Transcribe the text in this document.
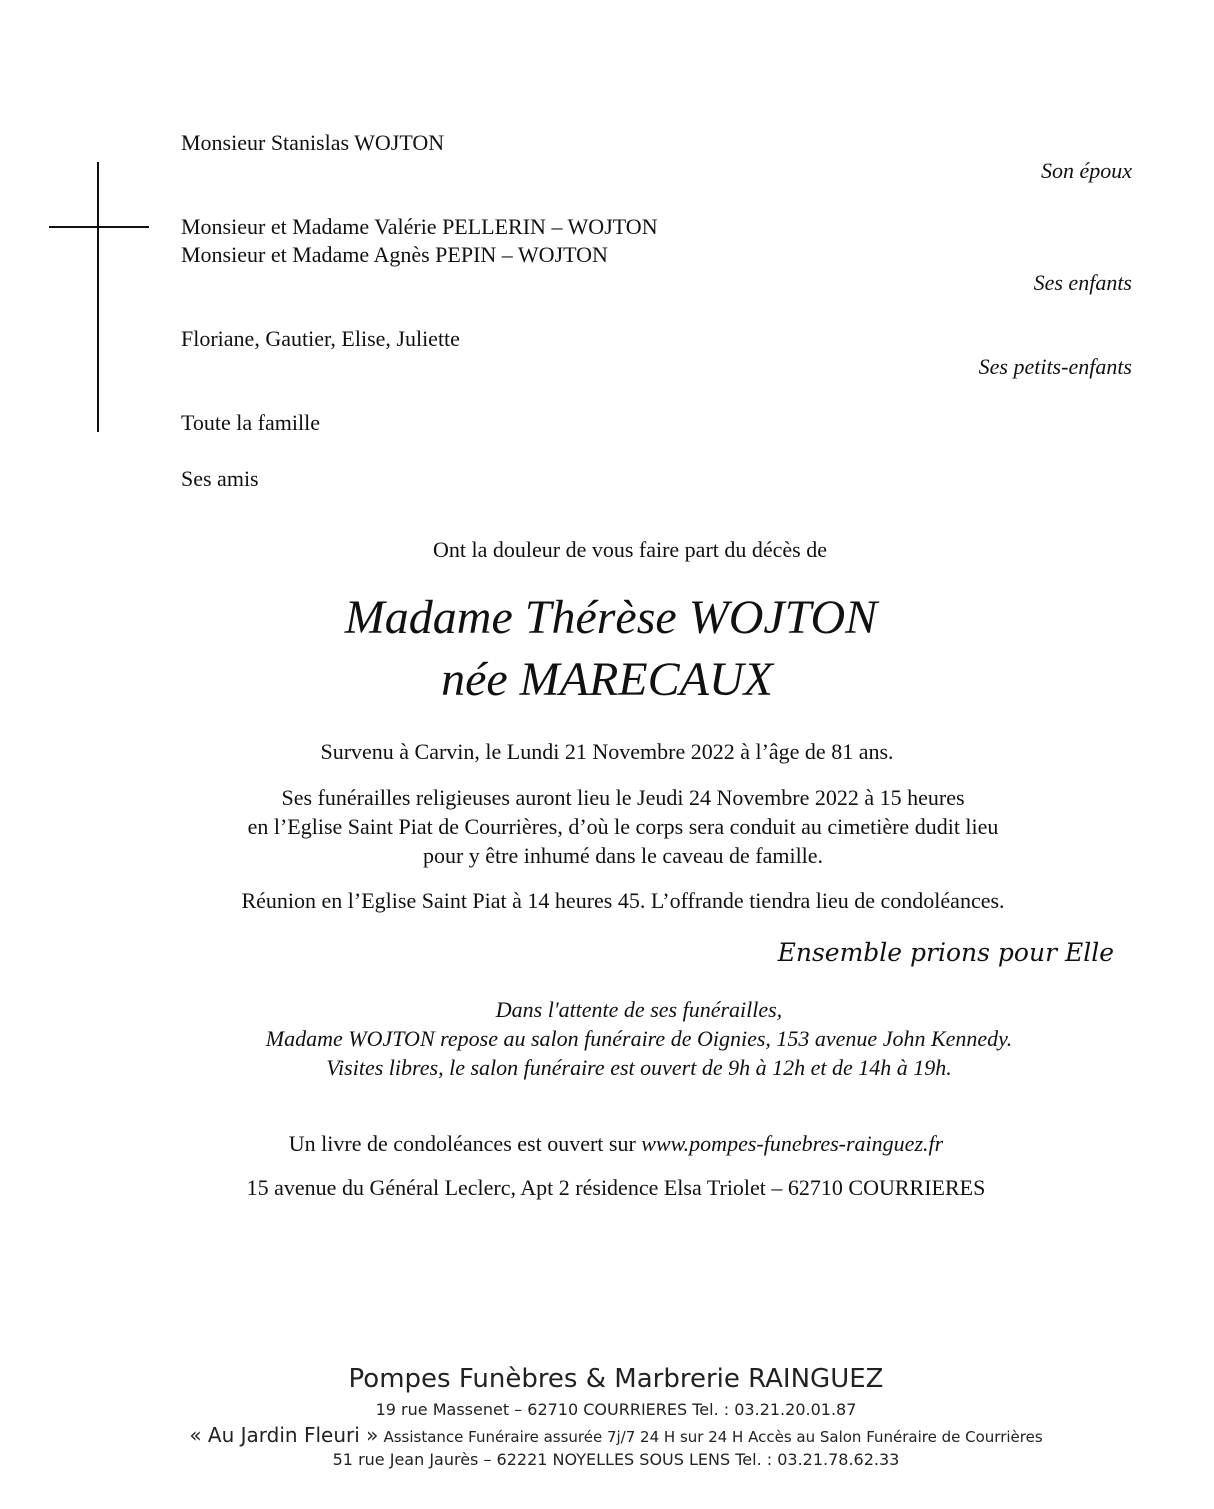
Monsieur Stanislas WOJTON
Son époux
Monsieur et Madame Valérie PELLERIN – WOJTON
Monsieur et Madame Agnès PEPIN – WOJTON
Ses enfants
Floriane, Gautier, Elise, Juliette
Ses petits-enfants
Toute la famille
Ses amis
Ont la douleur de vous faire part du décès de
Madame Thérèse WOJTON
née MARECAUX
Survenu à Carvin, le Lundi 21 Novembre 2022 à l’âge de 81 ans.
Ses funérailles religieuses auront lieu le Jeudi 24 Novembre 2022 à 15 heures
en l’Eglise Saint Piat de Courrières, d’où le corps sera conduit au cimetière dudit lieu
pour y être inhumé dans le caveau de famille.
Réunion en l’Eglise Saint Piat à 14 heures 45. L’offrande tiendra lieu de condoléances.
Ensemble prions pour Elle
Dans l'attente de ses funérailles,
Madame WOJTON repose au salon funéraire de Oignies, 153 avenue John Kennedy.
Visites libres, le salon funéraire est ouvert de 9h à 12h et de 14h à 19h.
Un livre de condoléances est ouvert sur www.pompes-funebres-rainguez.fr
15 avenue du Général Leclerc, Apt 2 résidence Elsa Triolet – 62710 COURRIERES
Pompes Funèbres & Marbrerie RAINGUEZ
19 rue Massenet – 62710 COURRIERES Tel. : 03.21.20.01.87
« Au Jardin Fleuri » Assistance Funéraire assurée 7j/7 24 H sur 24 H Accès au Salon Funéraire de Courrières
51 rue Jean Jaurès – 62221 NOYELLES SOUS LENS Tel. : 03.21.78.62.33
